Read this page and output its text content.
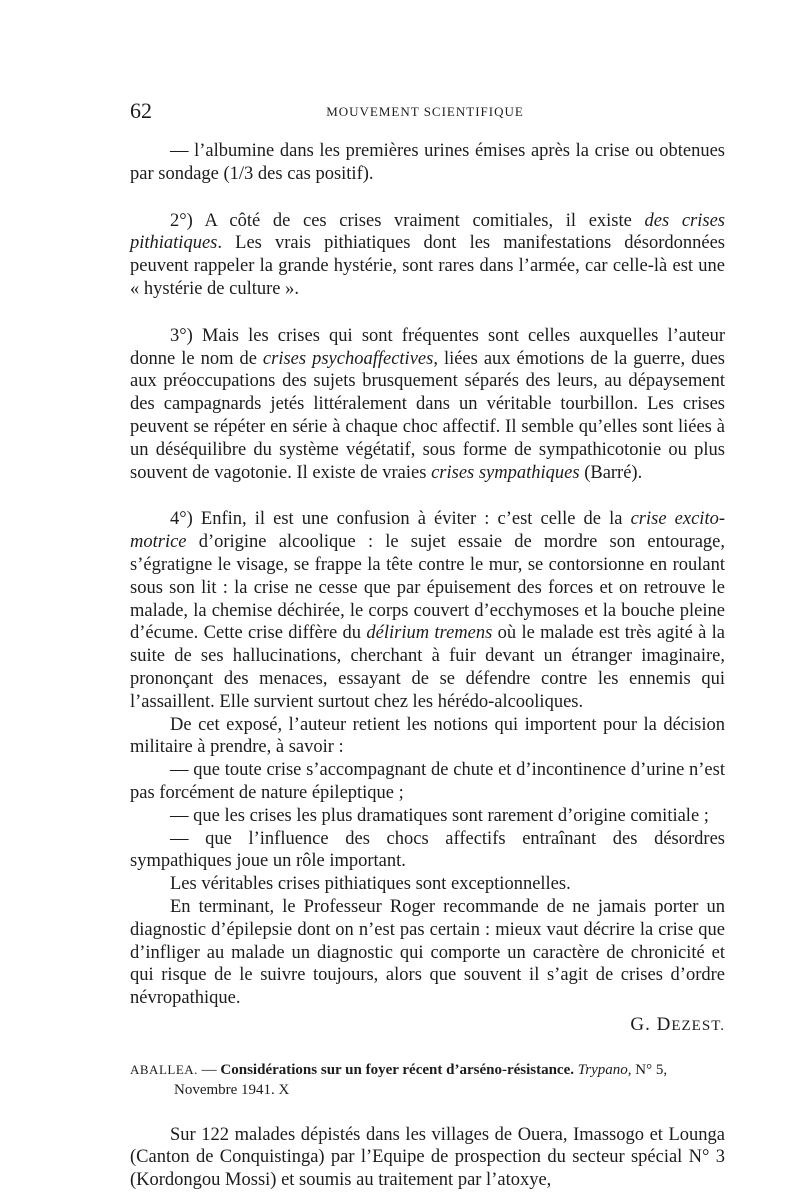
62	MOUVEMENT SCIENTIFIQUE

— l’albumine dans les premières urines émises après la crise ou obtenues par sondage (1/3 des cas positif).

2°) A côté de ces crises vraiment comitiales, il existe des crises pithiatiques. Les vrais pithiatiques dont les manifestations désordonnées peuvent rappeler la grande hystérie, sont rares dans l’armée, car celle-là est une « hystérie de culture ».

3°) Mais les crises qui sont fréquentes sont celles auxquelles l’auteur donne le nom de crises psychoaffectives, liées aux émotions de la guerre, dues aux préoccupations des sujets brusquement séparés des leurs, au dépaysement des campagnards jetés littéralement dans un véritable tourbillon. Les crises peuvent se répéter en série à chaque choc affectif. Il semble qu’elles sont liées à un déséquilibre du système végétatif, sous forme de sympathicotonie ou plus souvent de vagotonie. Il existe de vraies crises sympathiques (Barré).

4°) Enfin, il est une confusion à éviter : c’est celle de la crise excito-motrice d’origine alcoolique : le sujet essaie de mordre son entourage, s’égratigne le visage, se frappe la tête contre le mur, se contorsionne en roulant sous son lit : la crise ne cesse que par épuisement des forces et on retrouve le malade, la chemise déchirée, le corps couvert d’ecchymoses et la bouche pleine d’écume. Cette crise diffère du délirium tremens où le malade est très agité à la suite de ses hallucinations, cherchant à fuir devant un étranger imaginaire, prononçant des menaces, essayant de se défendre contre les ennemis qui l’assaillent. Elle survient surtout chez les hérédo-alcooliques.

De cet exposé, l’auteur retient les notions qui importent pour la décision militaire à prendre, à savoir :

— que toute crise s’accompagnant de chute et d’incontinence d’urine n’est pas forcément de nature épileptique ;

— que les crises les plus dramatiques sont rarement d’origine comitiale ;

— que l’influence des chocs affectifs entraînant des désordres sympathiques joue un rôle important.

Les véritables crises pithiatiques sont exceptionnelles.

En terminant, le Professeur Roger recommande de ne jamais porter un diagnostic d’épilepsie dont on n’est pas certain : mieux vaut décrire la crise que d’infliger au malade un diagnostic qui comporte un caractère de chronicité et qui risque de le suivre toujours, alors que souvent il s’agit de crises d’ordre névropathique.

G. DEZEST.

ABALLEA. — Considérations sur un foyer récent d’arséno-résistance. Trypano, N° 5,
Novembre 1941. X

Sur 122 malades dépistés dans les villages de Ouera, Imassogo et Lounga (Canton de Conquistinga) par l’Equipe de prospection du secteur spécial N° 3 (Kordongou Mossi) et soumis au traitement par l’atoxye,
